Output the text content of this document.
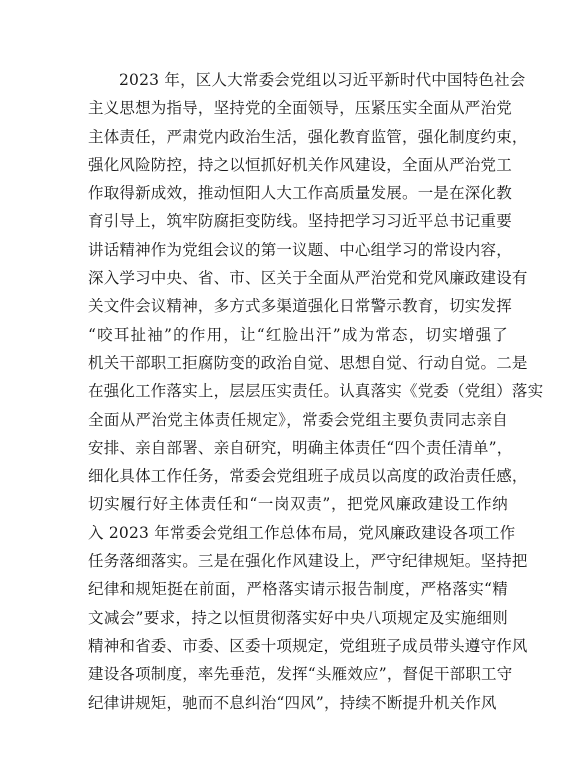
2023 年，区人大常委会党组以习近平新时代中国特色社会
主义思想为指导，坚持党的全面领导，压紧压实全面从严治党
主体责任，严肃党内政治生活，强化教育监管，强化制度约束，
强化风险防控，持之以恒抓好机关作风建设，全面从严治党工
作取得新成效，推动恒阳人大工作高质量发展。一是在深化教
育引导上，筑牢防腐拒变防线。坚持把学习习近平总书记重要
讲话精神作为党组会议的第一议题、中心组学习的常设内容，
深入学习中央、省、市、区关于全面从严治党和党风廉政建设有
关文件会议精神，多方式多渠道强化日常警示教育，切实发挥
“咬耳扯袖”的作用，让“红脸出汗”成为常态，切实增强了
机关干部职工拒腐防变的政治自觉、思想自觉、行动自觉。二是
在强化工作落实上，层层压实责任。认真落实《党委（党组）落实
全面从严治党主体责任规定》，常委会党组主要负责同志亲自
安排、亲自部署、亲自研究，明确主体责任“四个责任清单”，
细化具体工作任务，常委会党组班子成员以高度的政治责任感，
切实履行好主体责任和“一岗双责”，把党风廉政建设工作纳
入 2023 年常委会党组工作总体布局，党风廉政建设各项工作
任务落细落实。三是在强化作风建设上，严守纪律规矩。坚持把
纪律和规矩挺在前面，严格落实请示报告制度，严格落实“精
文减会”要求，持之以恒贯彻落实好中央八项规定及实施细则
精神和省委、市委、区委十项规定，党组班子成员带头遵守作风
建设各项制度，率先垂范，发挥“头雁效应”，督促干部职工守
纪律讲规矩，驰而不息纠治“四风”，持续不断提升机关作风
